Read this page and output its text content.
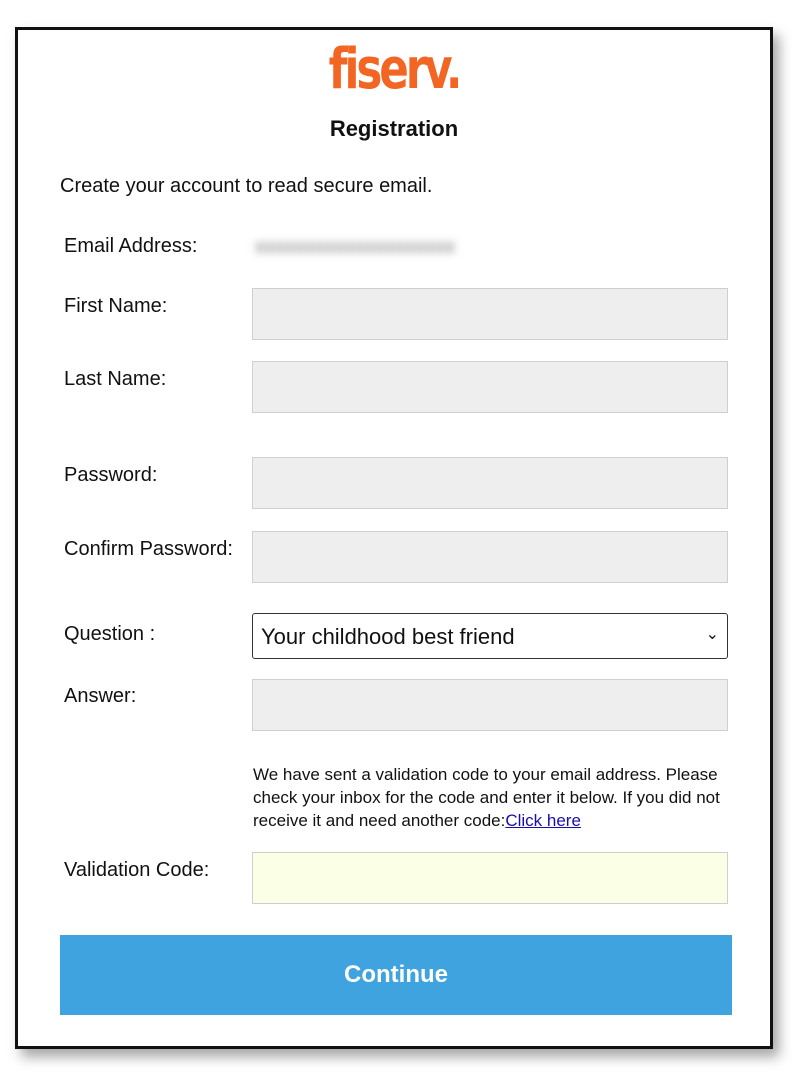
fiserv.
Registration
Create your account to read secure email.
Email Address:	xxxxxxxxxxxxxxxxxxxx
First Name:
Last Name:
Password:
Confirm Password:
Question :	Your childhood best friend	⌄
Answer:
We have sent a validation code to your email address. Please check your inbox for the code and enter it below. If you did not receive it and need another code:Click here
Validation Code:
Continue
